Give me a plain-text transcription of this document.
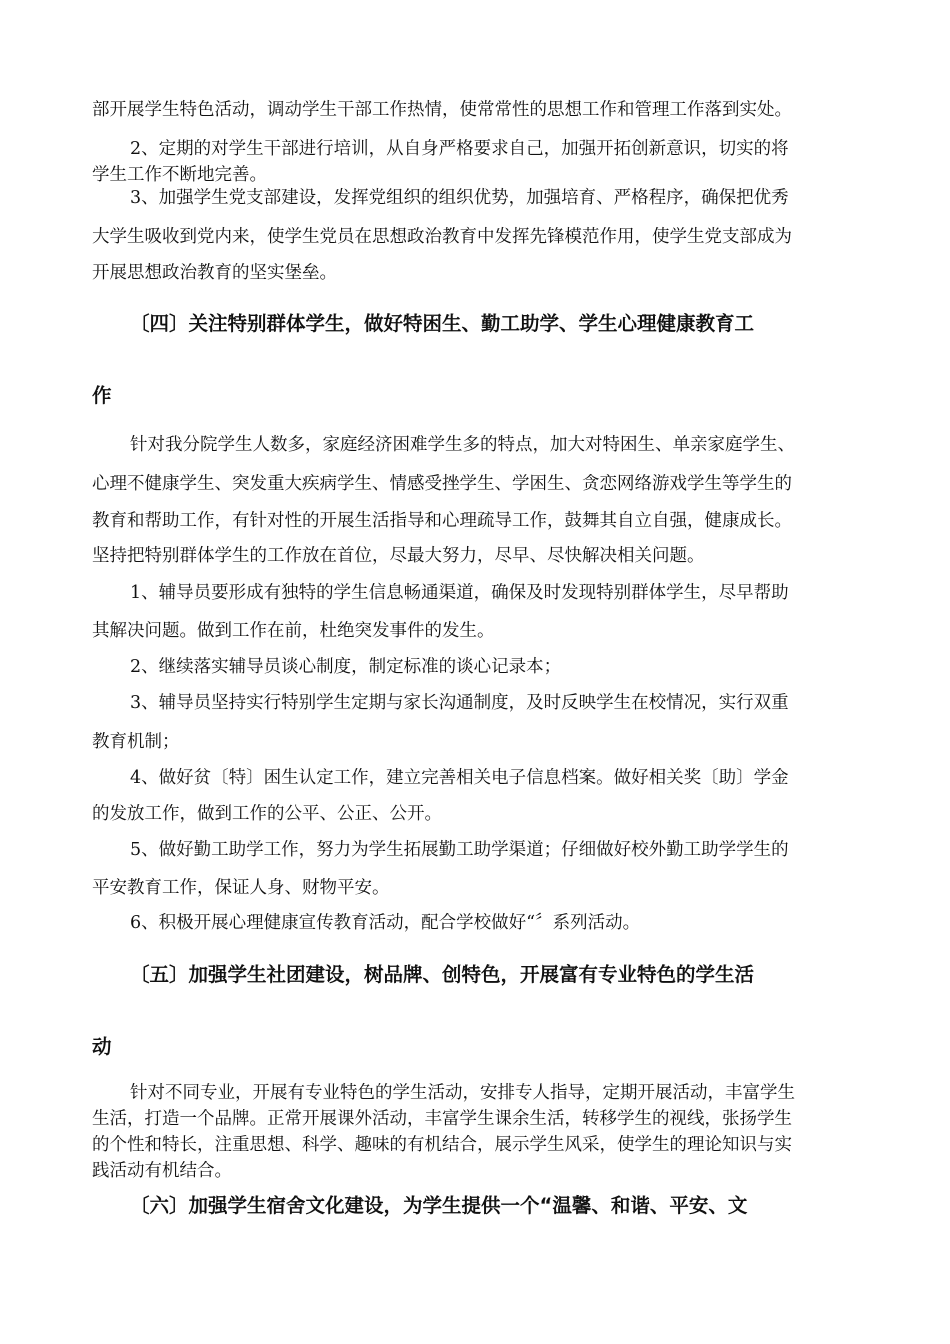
部开展学生特色活动，调动学生干部工作热情，使常常性的思想工作和管理工作落到实处。
2、定期的对学生干部进行培训，从自身严格要求自己，加强开拓创新意识，切实的将
学生工作不断地完善。
3、加强学生党支部建设，发挥党组织的组织优势，加强培育、严格程序，确保把优秀
大学生吸收到党内来，使学生党员在思想政治教育中发挥先锋模范作用，使学生党支部成为
开展思想政治教育的坚实堡垒。
〔四〕关注特别群体学生，做好特困生、勤工助学、学生心理健康教育工
作
针对我分院学生人数多，家庭经济困难学生多的特点，加大对特困生、单亲家庭学生、
心理不健康学生、突发重大疾病学生、情感受挫学生、学困生、贪恋网络游戏学生等学生的
教育和帮助工作，有针对性的开展生活指导和心理疏导工作，鼓舞其自立自强，健康成长。
坚持把特别群体学生的工作放在首位，尽最大努力，尽早、尽快解决相关问题。
1、辅导员要形成有独特的学生信息畅通渠道，确保及时发现特别群体学生，尽早帮助
其解决问题。做到工作在前，杜绝突发事件的发生。
2、继续落实辅导员谈心制度，制定标准的谈心记录本；
3、辅导员坚持实行特别学生定期与家长沟通制度，及时反映学生在校情况，实行双重
教育机制；
4、做好贫〔特〕困生认定工作，建立完善相关电子信息档案。做好相关奖〔助〕学金
的发放工作，做到工作的公平、公正、公开。
5、做好勤工助学工作，努力为学生拓展勤工助学渠道；仔细做好校外勤工助学学生的
平安教育工作，保证人身、财物平安。
6、积极开展心理健康宣传教育活动，配合学校做好“〞系列活动。
〔五〕加强学生社团建设，树品牌、创特色，开展富有专业特色的学生活
动
针对不同专业，开展有专业特色的学生活动，安排专人指导，定期开展活动，丰富学生
生活，打造一个品牌。正常开展课外活动，丰富学生课余生活，转移学生的视线，张扬学生
的个性和特长，注重思想、科学、趣味的有机结合，展示学生风采，使学生的理论知识与实
践活动有机结合。
〔六〕加强学生宿舍文化建设，为学生提供一个“温馨、和谐、平安、文
